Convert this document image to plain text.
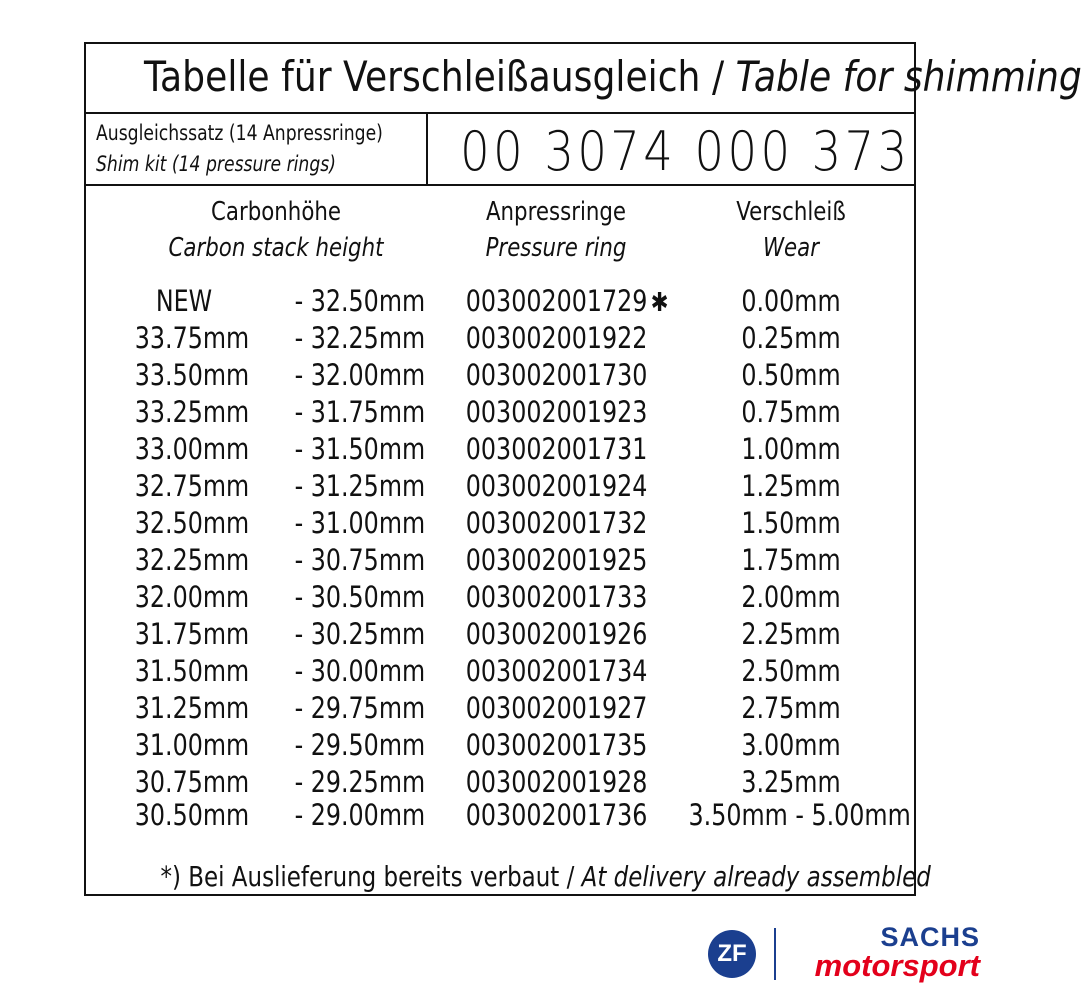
Tabelle für Verschleißausgleich / Table for shimming
Ausgleichssatz (14 Anpressringe)
Shim kit (14 pressure rings)	00 3074 000 373
Carbonhöhe
Carbon stack height
Anpressringe
Pressure ring
Verschleiß
Wear
NEW	- 32.50mm 003002001729 ✱	0.00mm
33.75mm - 32.25mm 003002001922	0.25mm
33.50mm - 32.00mm 003002001730	0.50mm
33.25mm - 31.75mm 003002001923	0.75mm
33.00mm - 31.50mm 003002001731	1.00mm
32.75mm - 31.25mm 003002001924	1.25mm
32.50mm - 31.00mm 003002001732	1.50mm
32.25mm - 30.75mm 003002001925	1.75mm
32.00mm - 30.50mm 003002001733	2.00mm
31.75mm - 30.25mm 003002001926	2.25mm
31.50mm - 30.00mm 003002001734	2.50mm
31.25mm - 29.75mm 003002001927	2.75mm
31.00mm - 29.50mm 003002001735	3.00mm
30.75mm - 29.25mm 003002001928	3.25mm
30.50mm - 29.00mm 003002001736 3.50mm - 5.00mm
*) Bei Auslieferung bereits verbaut / At delivery already assembled
ZF
SACHS
motorsport
